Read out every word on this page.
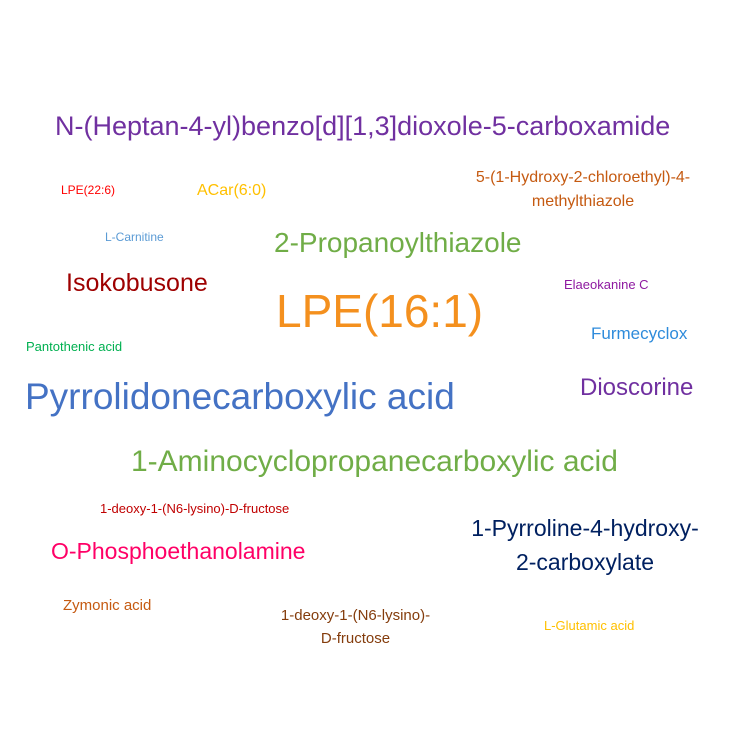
N-(Heptan-4-yl)benzo[d][1,3]dioxole-5-carboxamide
5-(1-Hydroxy-2-chloroethyl)-4-
methylthiazole
LPE(22:6)	ACar(6:0)
L-Carnitine	2-Propanoylthiazole
Isokobusone	Elaeokanine C
LPE(16:1)	Furmecyclox
Pantothenic acid
Dioscorine
Pyrrolidonecarboxylic acid
1-Aminocyclopropanecarboxylic acid
1-deoxy-1-(N6-lysino)-D-fructose
1-Pyrroline-4-hydroxy-
2-carboxylate
O-Phosphoethanolamine
Zymonic acid
1-deoxy-1-(N6-lysino)-
D-fructose
L-Glutamic acid
